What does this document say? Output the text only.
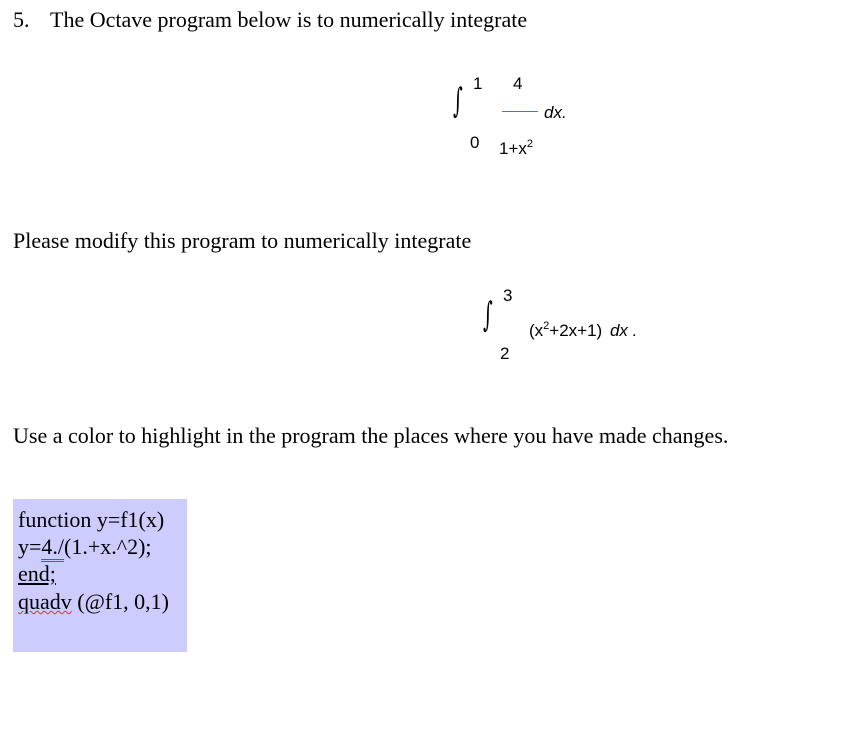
5. The Octave program below is to numerically integrate
∫ 1
0
4
$1+x^2$
dx.
Please modify this program to numerically integrate
∫ 3
2
$(x^2+2x+1)$ dx .
Use a color to highlight in the program the places where you have made changes.
function y=f1(x)
y=4./(1.+x.^2);
end;
quadv (@f1, 0,1)
